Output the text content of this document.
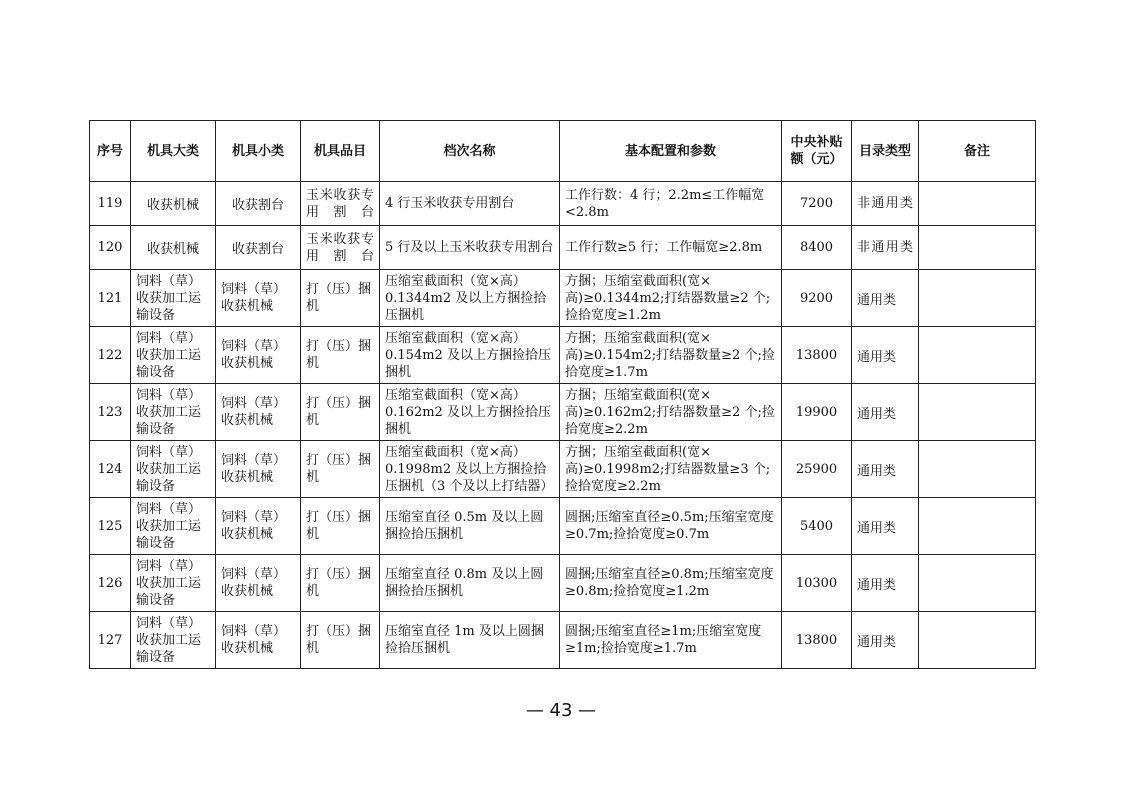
序号	机具大类	机具小类	机具品目	档次名称	基本配置和参数	中央补贴额（元）	目录类型	备注
119	收获机械	收获割台	玉米收获专用割台	4 行玉米收获专用割台	工作行数：4 行；2.2m≤工作幅宽<2.8m	7200	非通用类	

120	收获机械	收获割台	玉米收获专用割台	5 行及以上玉米收获专用割台	工作行数≥5 行；工作幅宽≥2.8m	8400	非通用类	

121	饲料（草）收获加工运输设备	饲料（草）收获机械	打（压）捆机	压缩室截面积（宽×高）0.1344m2 及以上方捆捡拾压捆机	方捆；压缩室截面积(宽×高)≥0.1344m2;打结器数量≥2 个;捡拾宽度≥1.2m	9200	通用类	
122	饲料（草）收获加工运输设备	饲料（草）收获机械	打（压）捆机	压缩室截面积（宽×高）0.154m2 及以上方捆捡拾压捆机	方捆；压缩室截面积(宽×高)≥0.154m2;打结器数量≥2 个;捡拾宽度≥1.7m	13800	通用类	
123	饲料（草）收获加工运输设备	饲料（草）收获机械	打（压）捆机	压缩室截面积（宽×高）0.162m2 及以上方捆捡拾压捆机	方捆；压缩室截面积(宽×高)≥0.162m2;打结器数量≥2 个;捡拾宽度≥2.2m	19900	通用类	
124	饲料（草）收获加工运输设备	饲料（草）收获机械	打（压）捆机	压缩室截面积（宽×高）0.1998m2 及以上方捆捡拾压捆机（3 个及以上打结器）	方捆；压缩室截面积(宽×高)≥0.1998m2;打结器数量≥3 个;捡拾宽度≥2.2m	25900	通用类	
125	饲料（草）收获加工运输设备	饲料（草）收获机械	打（压）捆机	压缩室直径 0.5m 及以上圆捆捡拾压捆机	圆捆;压缩室直径≥0.5m;压缩室宽度≥0.7m;捡拾宽度≥0.7m	5400	通用类	
126	饲料（草）收获加工运输设备	饲料（草）收获机械	打（压）捆机	压缩室直径 0.8m 及以上圆捆捡拾压捆机	圆捆;压缩室直径≥0.8m;压缩室宽度≥0.8m;捡拾宽度≥1.2m	10300	通用类	
127	饲料（草）收获加工运输设备	饲料（草）收获机械	打（压）捆机	压缩室直径 1m 及以上圆捆捡拾压捆机	圆捆;压缩室直径≥1m;压缩室宽度≥1m;捡拾宽度≥1.7m	13800	通用类	
— 43 —
